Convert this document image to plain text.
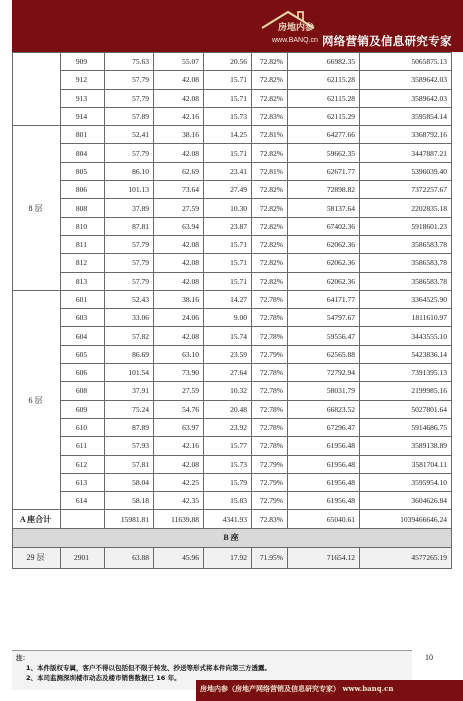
房地内参
www.BANQ.cn 网络营销及信息研究专家
	909	75.63	55.07	20.56	72.82%	66982.35	5065875.13
	912	57.79	42.08	15.71	72.82%	62115.28	3589642.03
	913	57.79	42.08	15.71	72.82%	62115.28	3589642.03
	914	57.89	42.16	15.73	72.83%	62115.29	3595854.14
8 层	801	52.41	38.16	14.25	72.81%	64277.66	3368792.16
	804	57.79	42.08	15.71	72.82%	59662.35	3447887.21
	805	86.10	62.69	23.41	72.81%	62671.77	5396039.40
	806	101.13	73.64	27.49	72.82%	72898.82	7372257.67
	808	37.89	27.59	10.30	72.82%	58137.64	2202835.18
	810	87.81	63.94	23.87	72.82%	67402.36	5918601.23
	811	57.79	42.08	15.71	72.82%	62062.36	3586583.78
	812	57.79	42.08	15.71	72.82%	62062.36	3586583.78
	813	57.79	42.08	15.71	72.82%	62062.36	3586583.78
6 层	601	52.43	38.16	14.27	72.78%	64171.77	3364525.90
	603	33.06	24.06	9.00	72.78%	54797.67	1811610.97
	604	57.82	42.08	15.74	72.78%	59556.47	3443555.10
	605	86.69	63.10	23.59	72.79%	62565.88	5423836.14
	606	101.54	73.90	27.64	72.78%	72792.94	7391395.13
	608	37.91	27.59	10.32	72.78%	58031.79	2199985.16
	609	75.24	54.76	20.48	72.78%	66823.52	5027801.64
	610	87.89	63.97	23.92	72.78%	67296.47	5914686.75
	611	57.93	42.16	15.77	72.78%	61956.48	3589138.89
	612	57.81	42.08	15.73	72.79%	61956.48	3581704.11
	613	58.04	42.25	15.79	72.79%	61956.48	3595954.10
	614	58.18	42.35	15.83	72.79%	61956.48	3604626.84
A 座合计		15981.81	11639.88	4341.93	72.83%	65040.61	1039466646.24
B 座							
29 层	2901	63.88	45.96	17.92	71.95%	71654.12	4577265.19
注：
1、本件版权专属，客户不得以包括但不限于转发、抄送等形式将本件向第三方透露。
2、本司监测深圳楼市动态及楼市销售数据已 16 年。
10
房地内参（房地产网络营销及信息研究专家） www.banq.cn
